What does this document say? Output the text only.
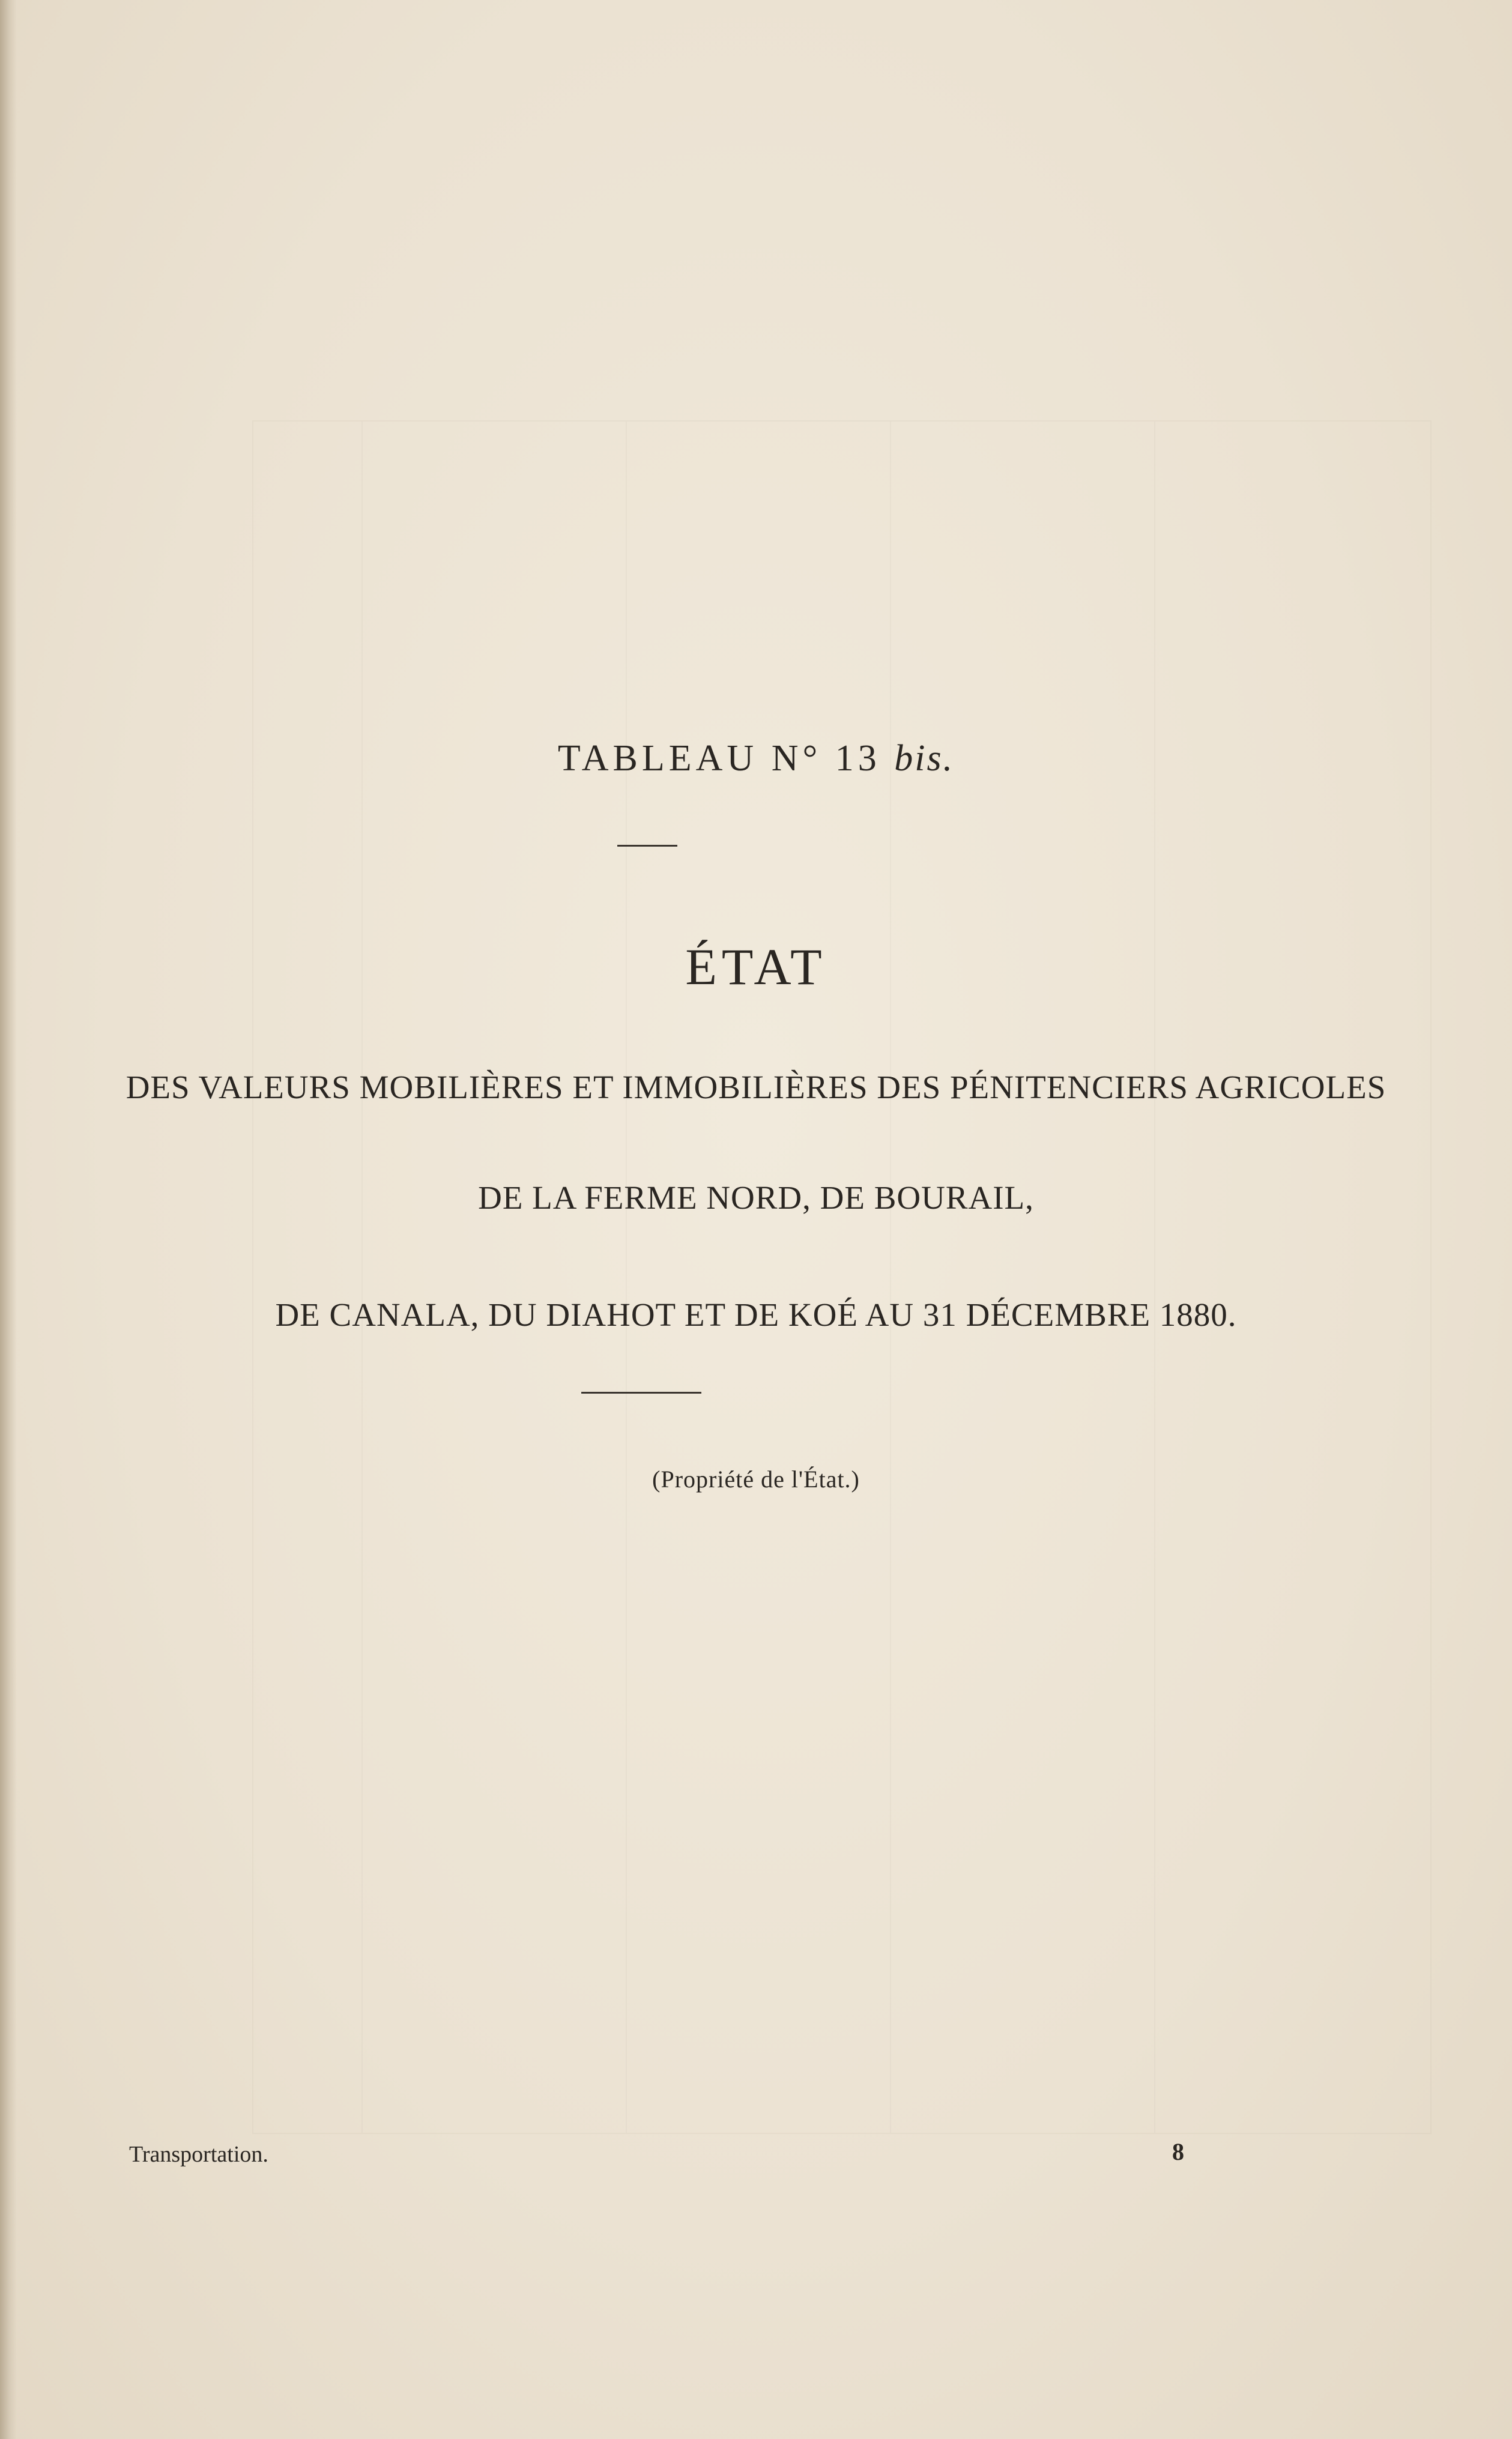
TABLEAU N° 13 bis.
ÉTAT
DES VALEURS MOBILIÈRES ET IMMOBILIÈRES DES PÉNITENCIERS AGRICOLES
DE LA FERME NORD, DE BOURAIL,
DE CANALA, DU DIAHOT ET DE KOÉ AU 31 DÉCEMBRE 1880.
(Propriété de l'État.)
Transportation.	8
